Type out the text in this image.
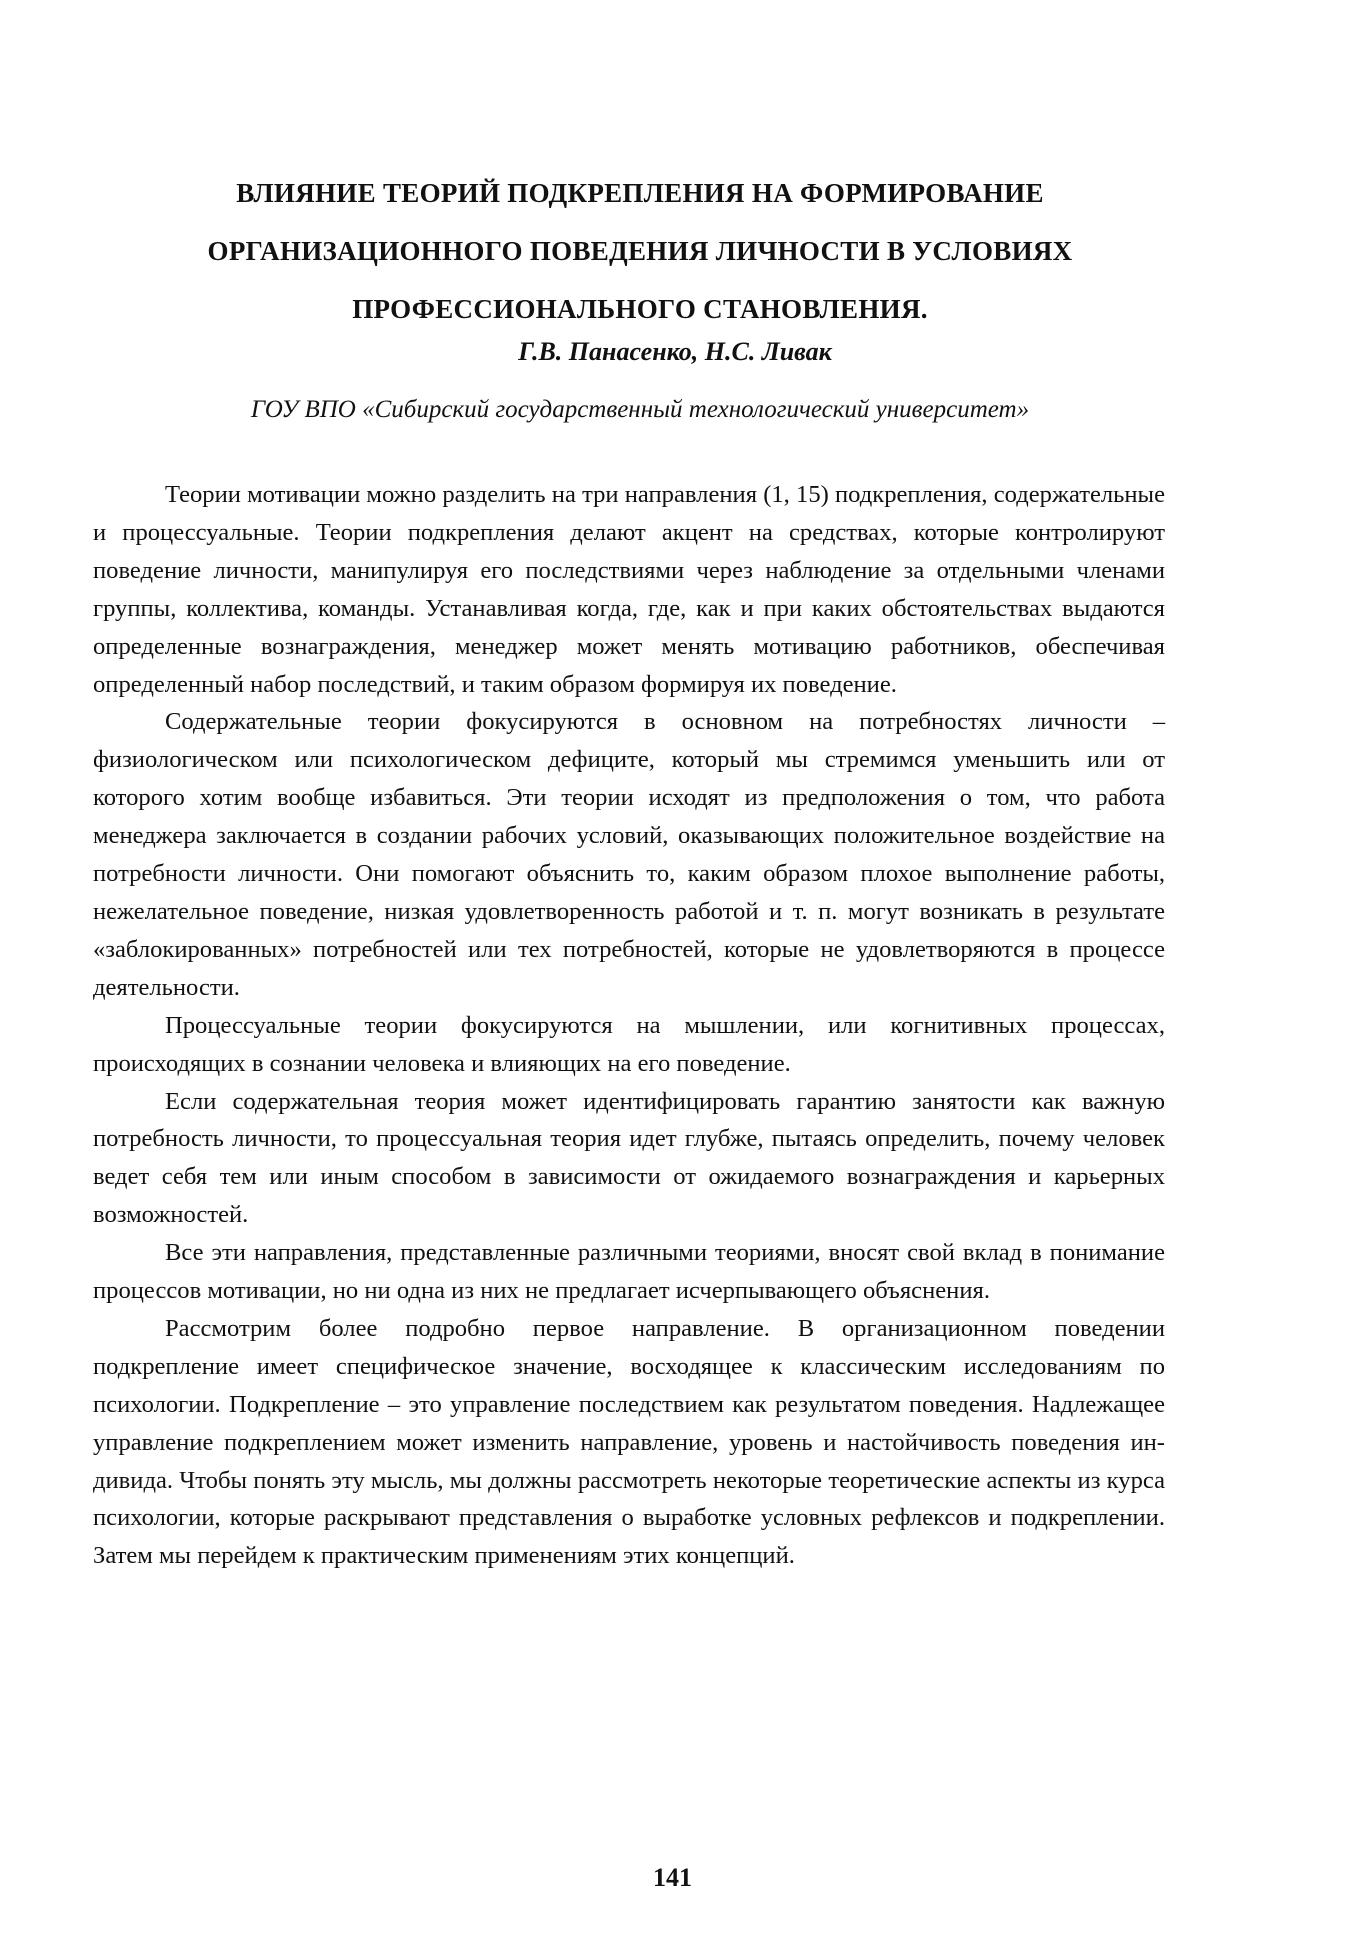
ВЛИЯНИЕ ТЕОРИЙ ПОДКРЕПЛЕНИЯ НА ФОРМИРОВАНИЕ
ОРГАНИЗАЦИОННОГО ПОВЕДЕНИЯ ЛИЧНОСТИ В УСЛОВИЯХ
ПРОФЕССИОНАЛЬНОГО СТАНОВЛЕНИЯ.
Г.В. Панасенко, Н.С. Ливак
ГОУ ВПО «Сибирский государственный технологический университет»

Теории мотивации можно разделить на три направления (1, 15) подкрепления, содержательные и процессуальные. Теории подкрепления делают акцент на средствах, которые контролируют поведение личности, манипулируя его последствиями через наблюдение за отдельными членами группы, коллектива, команды. Устанавливая когда, где, как и при каких обстоятельствах выдаются определенные вознаграждения, менеджер может менять мотивацию работников, обеспечивая определенный набор последствий, и таким образом формируя их поведение.

Содержательные теории фокусируются в основном на потребностях личности – физиологическом или психологическом дефиците, который мы стремимся уменьшить или от которого хотим вообще избавиться. Эти теории исходят из предположения о том, что работа менеджера заключается в создании рабочих условий, оказывающих положительное воздействие на потребности личности. Они помогают объяснить то, каким образом плохое выполнение работы, нежелательное поведение, низкая удовлетворенность работой и т. п. могут возникать в результате «заблокированных» потребностей или тех потребностей, которые не удовлетворяются в процессе деятельности.

Процессуальные теории фокусируются на мышлении, или когнитивных процессах, происходящих в сознании человека и влияющих на его поведение.

Если содержательная теория может идентифицировать гарантию занятости как важную потребность личности, то процессуальная теория идет глубже, пытаясь определить, почему человек ведет себя тем или иным способом в зависимости от ожидаемого вознаграждения и карьерных возможностей.

Все эти направления, представленные различными теориями, вносят свой вклад в понимание процессов мотивации, но ни одна из них не предлагает исчерпывающего объяснения.

Рассмотрим более подробно первое направление. В организационном поведении подкрепление имеет специфическое значение, восходящее к классическим исследованиям по психологии. Подкрепление – это управление последствием как результатом поведения. Надлежащее управление подкреплением может изменить направление, уровень и настойчивость поведения индивида. Чтобы понять эту мысль, мы должны рассмотреть некоторые теоретические аспекты из курса психологии, которые раскрывают представления о выработке условных рефлексов и подкреплении. Затем мы перейдем к практическим применениям этих концепций.

141
